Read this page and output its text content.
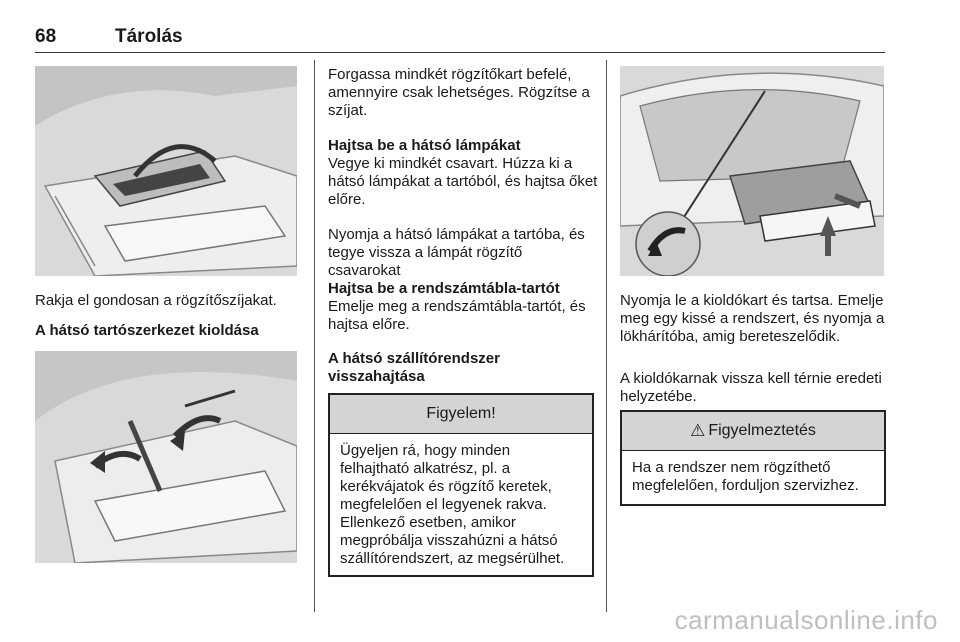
68	Tárolás

Rakja el gondosan a rögzítőszíjakat.

A hátsó tartószerkezet kioldása

Forgassa mindkét rögzítőkart befelé, amennyire csak lehetséges. Rögzítse a szíjat.

Hajtsa be a hátsó lámpákat

Vegye ki mindkét csavart. Húzza ki a hátsó lámpákat a tartóból, és hajtsa őket előre.

Nyomja a hátsó lámpákat a tartóba, és tegye vissza a lámpát rögzítő csavarokat

Hajtsa be a rendszámtábla-tartót

Emelje meg a rendszámtábla-tartót, és hajtsa előre.

A hátsó szállítórendszer visszahajtása

Figyelem!
Ügyeljen rá, hogy minden felhajtható alkatrész, pl. a kerékvájatok és rögzítő keretek, megfelelően el legyenek rakva. Ellenkező esetben, amikor megpróbálja visszahúzni a hátsó szállítórendszert, az megsérülhet.

Nyomja le a kioldókart és tartsa. Emelje meg egy kissé a rendszert, és nyomja a lökhárítóba, amig bereteszelődik.

A kioldókarnak vissza kell térnie eredeti helyzetébe.

⚠ Figyelmeztetés
Ha a rendszer nem rögzíthető megfelelően, forduljon szervizhez.
carmanualsonline.info
